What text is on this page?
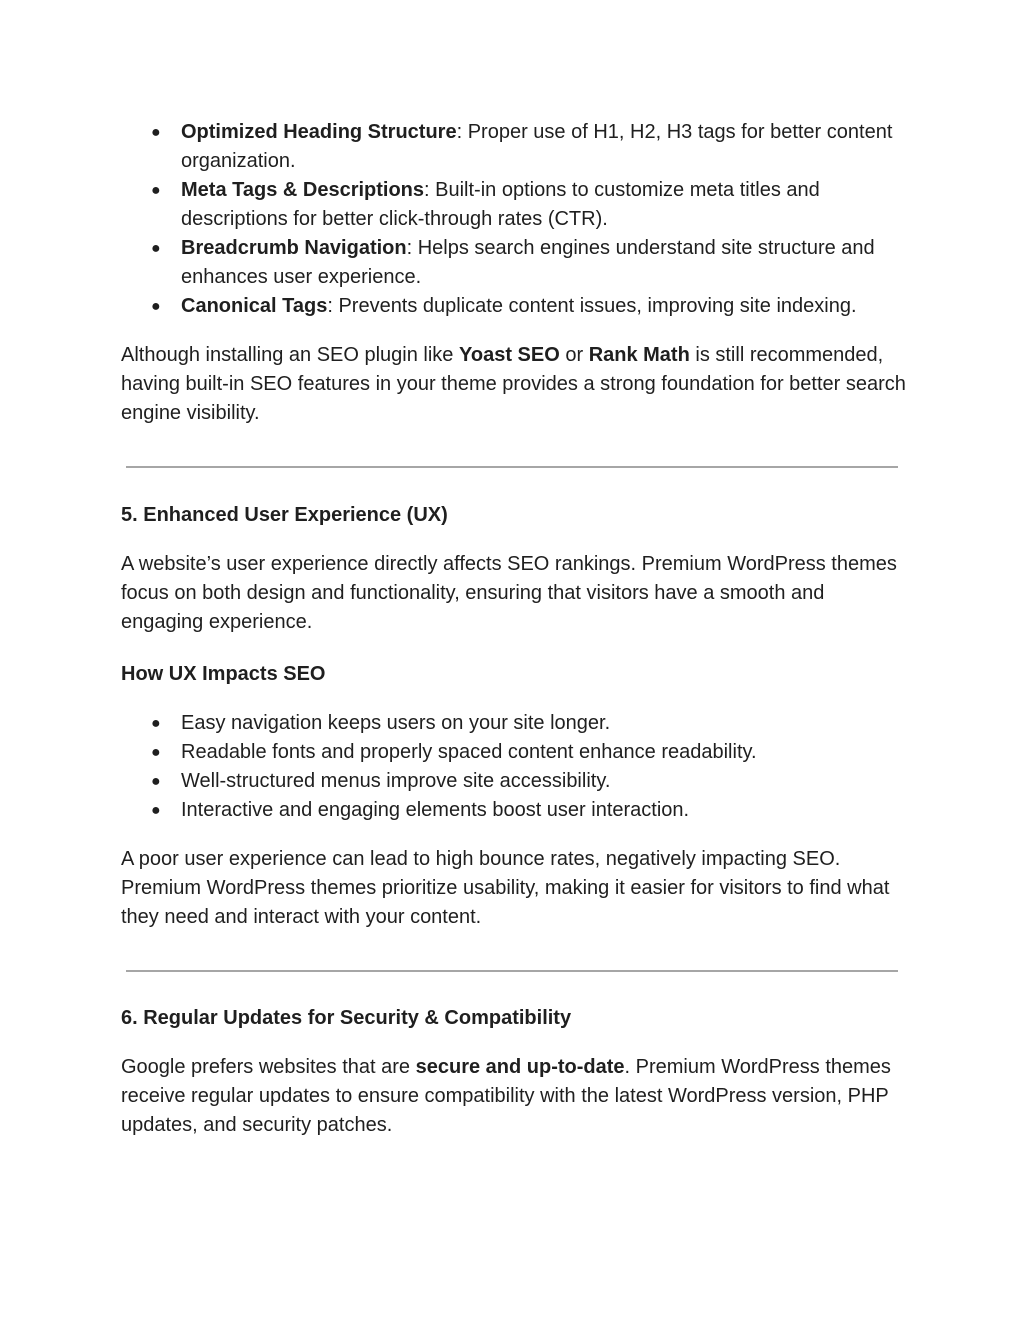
●	Optimized Heading Structure: Proper use of H1, H2, H3 tags for better content organization.
●	Meta Tags & Descriptions: Built-in options to customize meta titles and descriptions for better click-through rates (CTR).
●	Breadcrumb Navigation: Helps search engines understand site structure and enhances user experience.
●	Canonical Tags: Prevents duplicate content issues, improving site indexing.

Although installing an SEO plugin like Yoast SEO or Rank Math is still recommended, having built-in SEO features in your theme provides a strong foundation for better search engine visibility.

5. Enhanced User Experience (UX)

A website’s user experience directly affects SEO rankings. Premium WordPress themes focus on both design and functionality, ensuring that visitors have a smooth and engaging experience.

How UX Impacts SEO
●	Easy navigation keeps users on your site longer.
●	Readable fonts and properly spaced content enhance readability.
●	Well-structured menus improve site accessibility.
●	Interactive and engaging elements boost user interaction.

A poor user experience can lead to high bounce rates, negatively impacting SEO. Premium WordPress themes prioritize usability, making it easier for visitors to find what they need and interact with your content.

6. Regular Updates for Security & Compatibility

Google prefers websites that are secure and up-to-date. Premium WordPress themes receive regular updates to ensure compatibility with the latest WordPress version, PHP updates, and security patches.
